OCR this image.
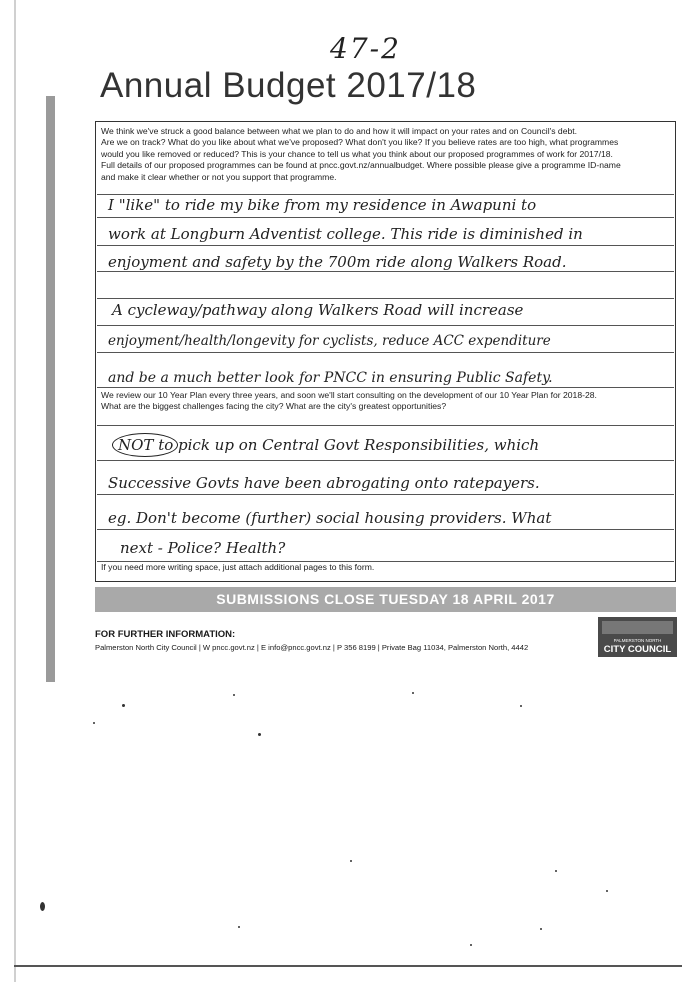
47-2
Annual Budget 2017/18

We think we've struck a good balance between what we plan to do and how it will impact on your rates and on Council's debt.

Are we on track? What do you like about what we've proposed? What don't you like? If you believe rates are too high, what programmes

would you like removed or reduced? This is your chance to tell us what you think about our proposed programmes of work for 2017/18.

Full details of our proposed programmes can be found at pncc.govt.nz/annualbudget. Where possible please give a programme ID-name

and make it clear whether or not you support that programme.

I "like" to ride my bike from my residence in Awapuni to
work at Longburn Adventist college. This ride is diminished in
enjoyment and safety by the 700m ride along Walkers Road.
A cycleway/pathway along Walkers Road will increase
enjoyment/health/longevity for cyclists, reduce ACC expenditure
and be a much better look for PNCC in ensuring Public Safety.

We review our 10 Year Plan every three years, and soon we'll start consulting on the development of our 10 Year Plan for 2018-28.

What are the biggest challenges facing the city? What are the city's greatest opportunities?

NOT to pick up on Central Govt Responsibilities, which
Successive Govts have been abrogating onto ratepayers.
eg. Don't become (further) social housing providers. What
next - Police? Health?
If you need more writing space, just attach additional pages to this form.
SUBMISSIONS CLOSE TUESDAY 18 APRIL 2017
FOR FURTHER INFORMATION:
Palmerston North City Council | W pncc.govt.nz | E info@pncc.govt.nz | P 356 8199 | Private Bag 11034, Palmerston North, 4442
PALMERSTON NORTH
CITY COUNCIL
